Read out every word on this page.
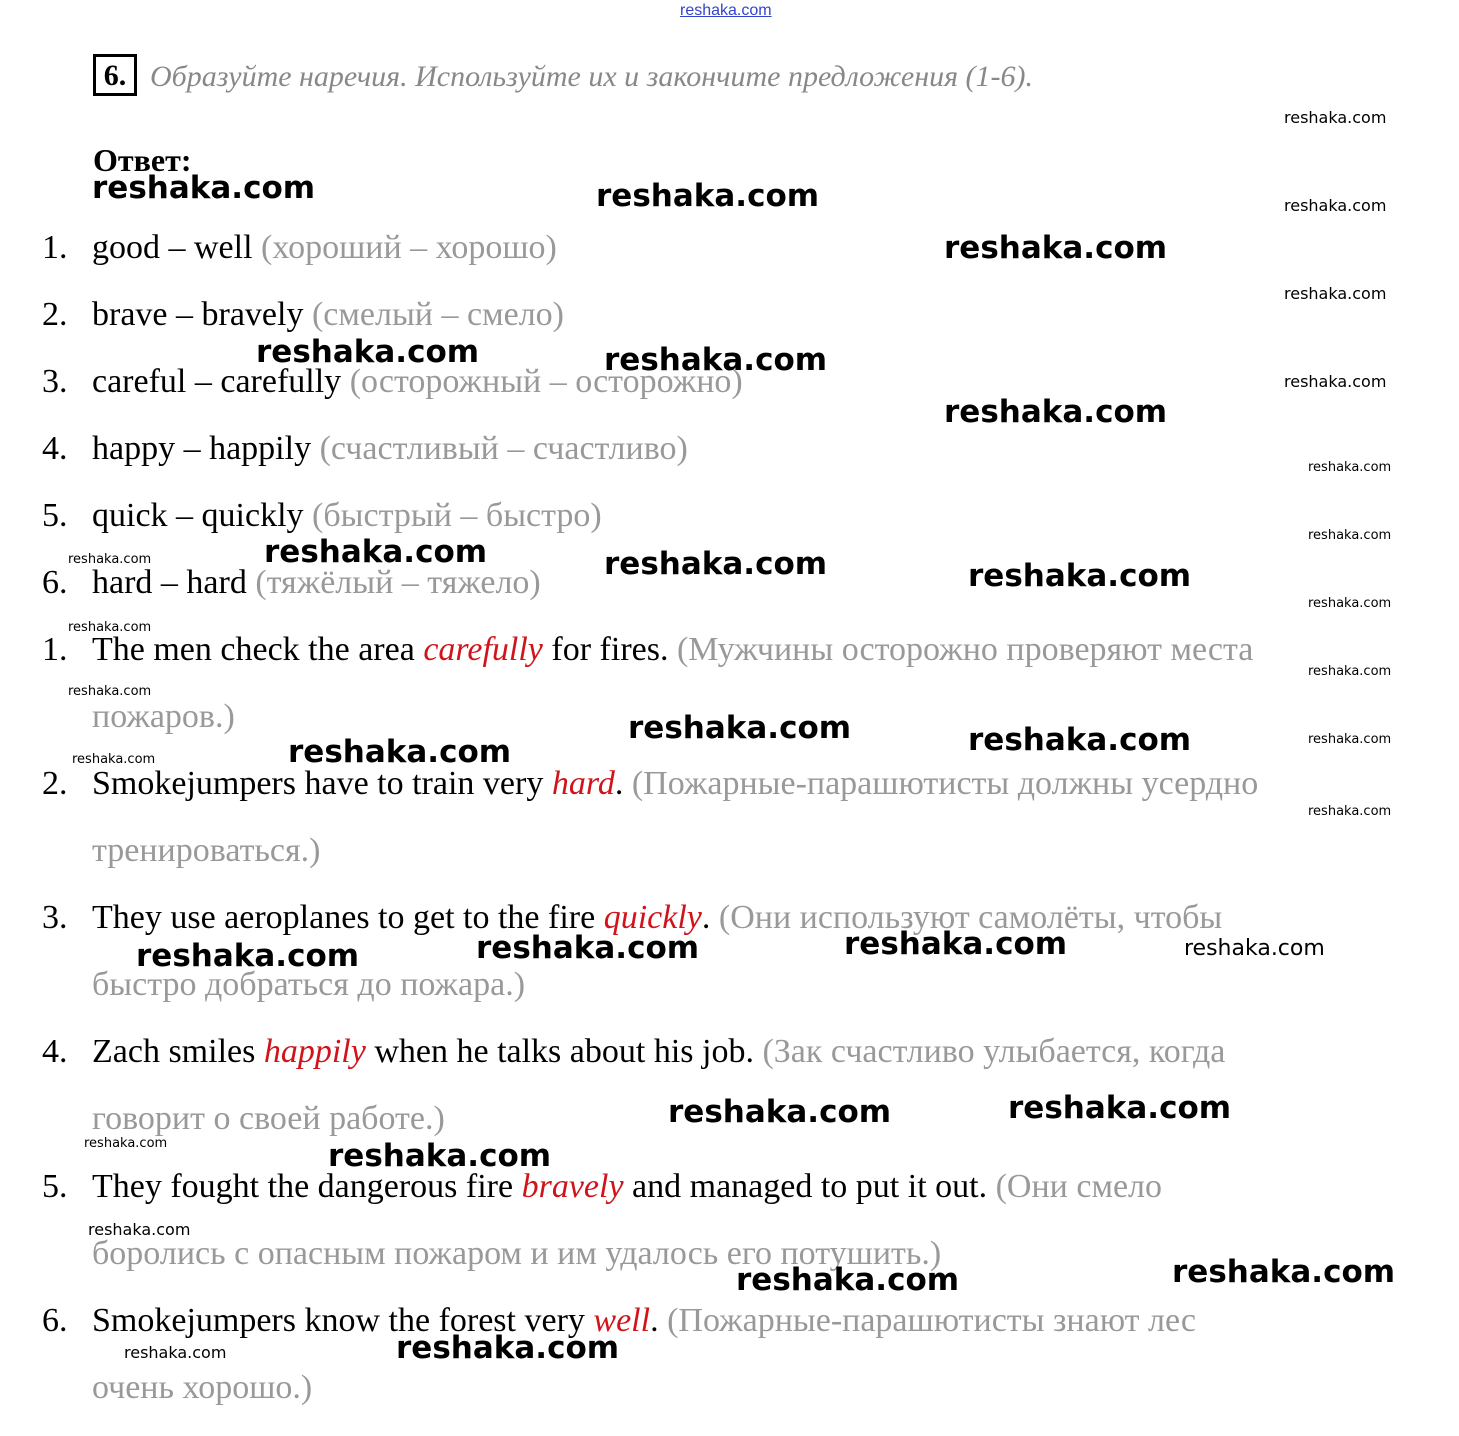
reshaka.com
6. Образуйте наречия. Используйте их и закончите предложения (1-6).
Ответ:
1. good – well (хороший – хорошо)
2. brave – bravely (смелый – смело)
3. careful – carefully (осторожный – осторожно)
4. happy – happily (счастливый – счастливо)
5. quick – quickly (быстрый – быстро)
6. hard – hard (тяжёлый – тяжело)
1. The men check the area carefully for fires. (Мужчины осторожно проверяют места
пожаров.)
2. Smokejumpers have to train very hard. (Пожарные-парашютисты должны усердно
тренироваться.)
3. They use aeroplanes to get to the fire quickly. (Они используют самолёты, чтобы
быстро добраться до пожара.)
4. Zach smiles happily when he talks about his job. (Зак счастливо улыбается, когда
говорит о своей работе.)
5. They fought the dangerous fire bravely and managed to put it out. (Они смело
боролись с опасным пожаром и им удалось его потушить.)
6. Smokejumpers know the forest very well. (Пожарные-парашютисты знают лес
очень хорошо.)
reshaka.com	reshaka.com
reshaka.com
reshaka.com	reshaka.com
reshaka.com
reshaka.com	reshaka.com	reshaka.com
reshaka.com	reshaka.com
reshaka.com
reshaka.com	reshaka.com
reshaka.com
reshaka.com	reshaka.com
reshaka.com
reshaka.com	reshaka.com
reshaka.com
reshaka.com
reshaka.com
reshaka.com
reshaka.com
reshaka.com
reshaka.com
reshaka.com
reshaka.com
reshaka.com
reshaka.com
reshaka.com
reshaka.com
reshaka.com
reshaka.com
reshaka.com
reshaka.com
reshaka.com
reshaka.com
